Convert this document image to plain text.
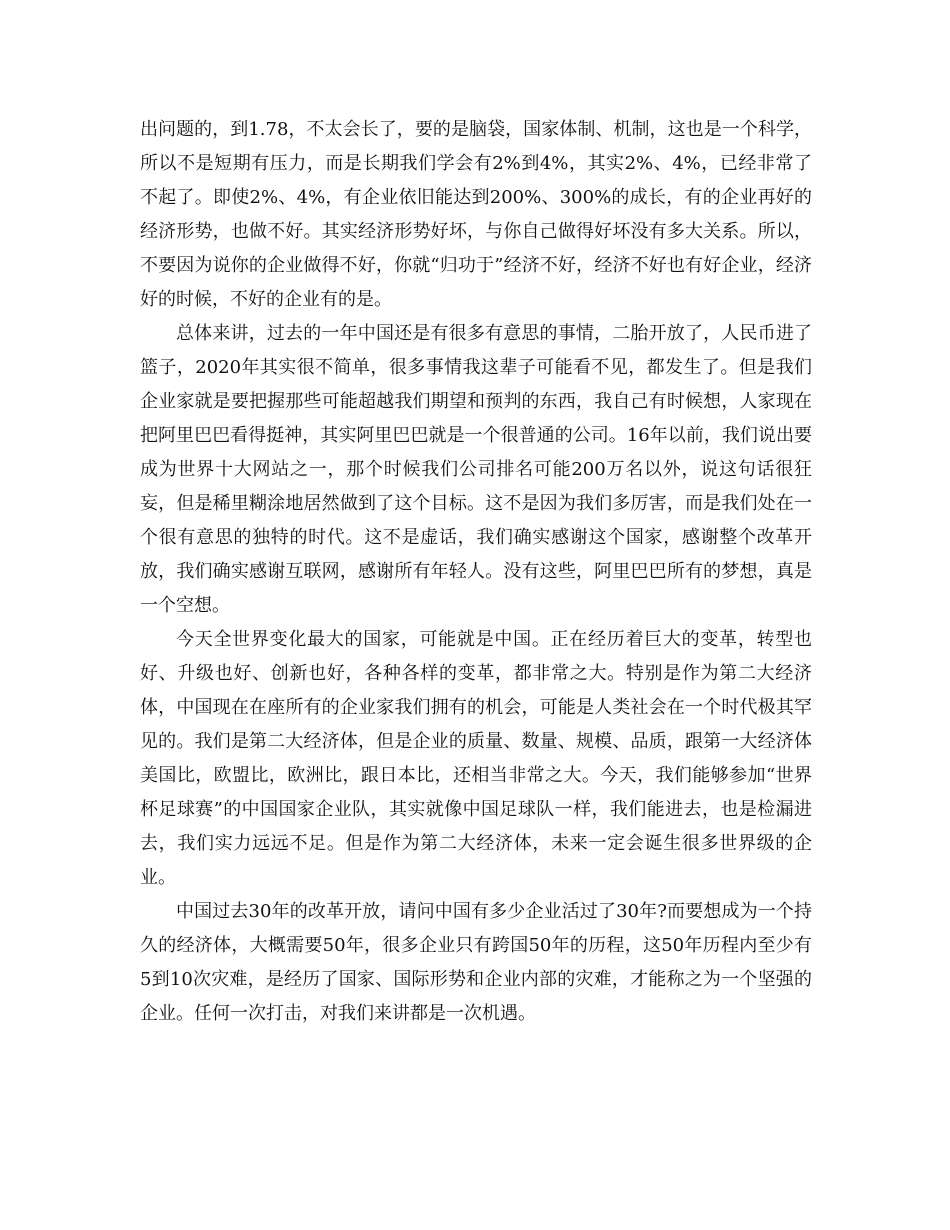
出问题的，到1.78，不太会长了，要的是脑袋，国家体制、机制，这也是一个科学，所以不是短期有压力，而是长期我们学会有2%到4%，其实2%、4%，已经非常了不起了。即使2%、4%，有企业依旧能达到200%、300%的成长，有的企业再好的经济形势，也做不好。其实经济形势好坏，与你自己做得好坏没有多大关系。所以，不要因为说你的企业做得不好，你就“归功于”经济不好，经济不好也有好企业，经济好的时候，不好的企业有的是。

总体来讲，过去的一年中国还是有很多有意思的事情，二胎开放了，人民币进了篮子，2020年其实很不简单，很多事情我这辈子可能看不见，都发生了。但是我们企业家就是要把握那些可能超越我们期望和预判的东西，我自己有时候想，人家现在把阿里巴巴看得挺神，其实阿里巴巴就是一个很普通的公司。16年以前，我们说出要成为世界十大网站之一，那个时候我们公司排名可能200万名以外，说这句话很狂妄，但是稀里糊涂地居然做到了这个目标。这不是因为我们多厉害，而是我们处在一个很有意思的独特的时代。这不是虚话，我们确实感谢这个国家，感谢整个改革开放，我们确实感谢互联网，感谢所有年轻人。没有这些，阿里巴巴所有的梦想，真是一个空想。

今天全世界变化最大的国家，可能就是中国。正在经历着巨大的变革，转型也好、升级也好、创新也好，各种各样的变革，都非常之大。特别是作为第二大经济体，中国现在在座所有的企业家我们拥有的机会，可能是人类社会在一个时代极其罕见的。我们是第二大经济体，但是企业的质量、数量、规模、品质，跟第一大经济体美国比，欧盟比，欧洲比，跟日本比，还相当非常之大。今天，我们能够参加“世界杯足球赛”的中国国家企业队，其实就像中国足球队一样，我们能进去，也是检漏进去，我们实力远远不足。但是作为第二大经济体，未来一定会诞生很多世界级的企业。

中国过去30年的改革开放，请问中国有多少企业活过了30年?而要想成为一个持久的经济体，大概需要50年，很多企业只有跨国50年的历程，这50年历程内至少有5到10次灾难，是经历了国家、国际形势和企业内部的灾难，才能称之为一个坚强的企业。任何一次打击，对我们来讲都是一次机遇。
